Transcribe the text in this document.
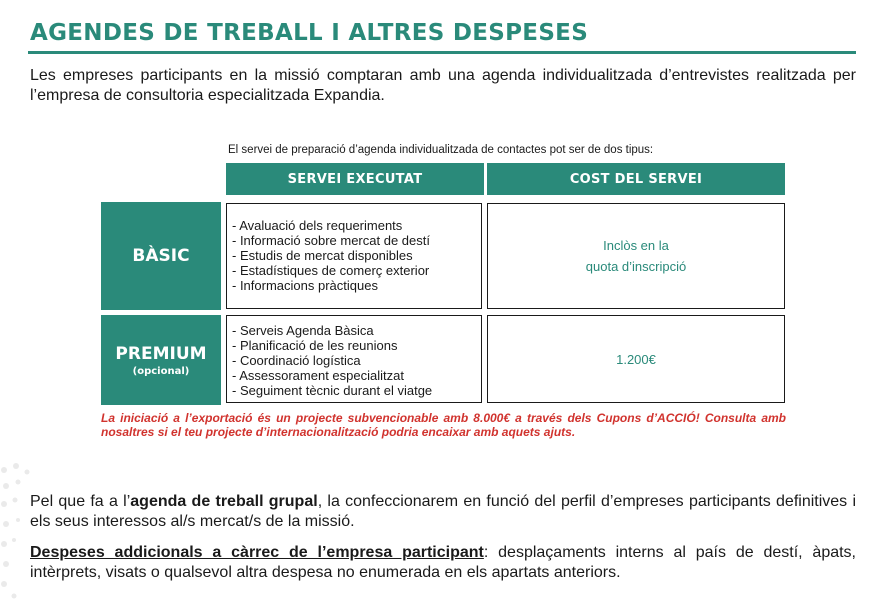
AGENDES DE TREBALL I ALTRES DESPESES
Les empreses participants en la missió comptaran amb una agenda individualitzada d’entrevistes realitzada per l’empresa de consultoria especialitzada Expandia.
El servei de preparació d’agenda individualitzada de contactes pot ser de dos tipus:
SERVEI EXECUTAT	COST DEL SERVEI
BÀSIC
- Avaluació dels requeriments
- Informació sobre mercat de destí
- Estudis de mercat disponibles
- Estadístiques de comerç exterior
- Informacions pràctiques
Inclòs en la
quota d’inscripció
PREMIUM
(opcional)
- Serveis Agenda Bàsica
- Planificació de les reunions
- Coordinació logística
- Assessorament especialitzat
- Seguiment tècnic durant el viatge
1.200€
La iniciació a l’exportació és un projecte subvencionable amb 8.000€ a través dels Cupons d’ACCIÓ! Consulta amb nosaltres si el teu projecte d’internacionalització podria encaixar amb aquets ajuts.
Pel que fa a l’agenda de treball grupal, la confeccionarem en funció del perfil d’empreses participants definitives i els seus interessos al/s mercat/s de la missió.
Despeses addicionals a càrrec de l’empresa participant: desplaçaments interns al país de destí, àpats, intèrprets, visats o qualsevol altra despesa no enumerada en els apartats anteriors.
